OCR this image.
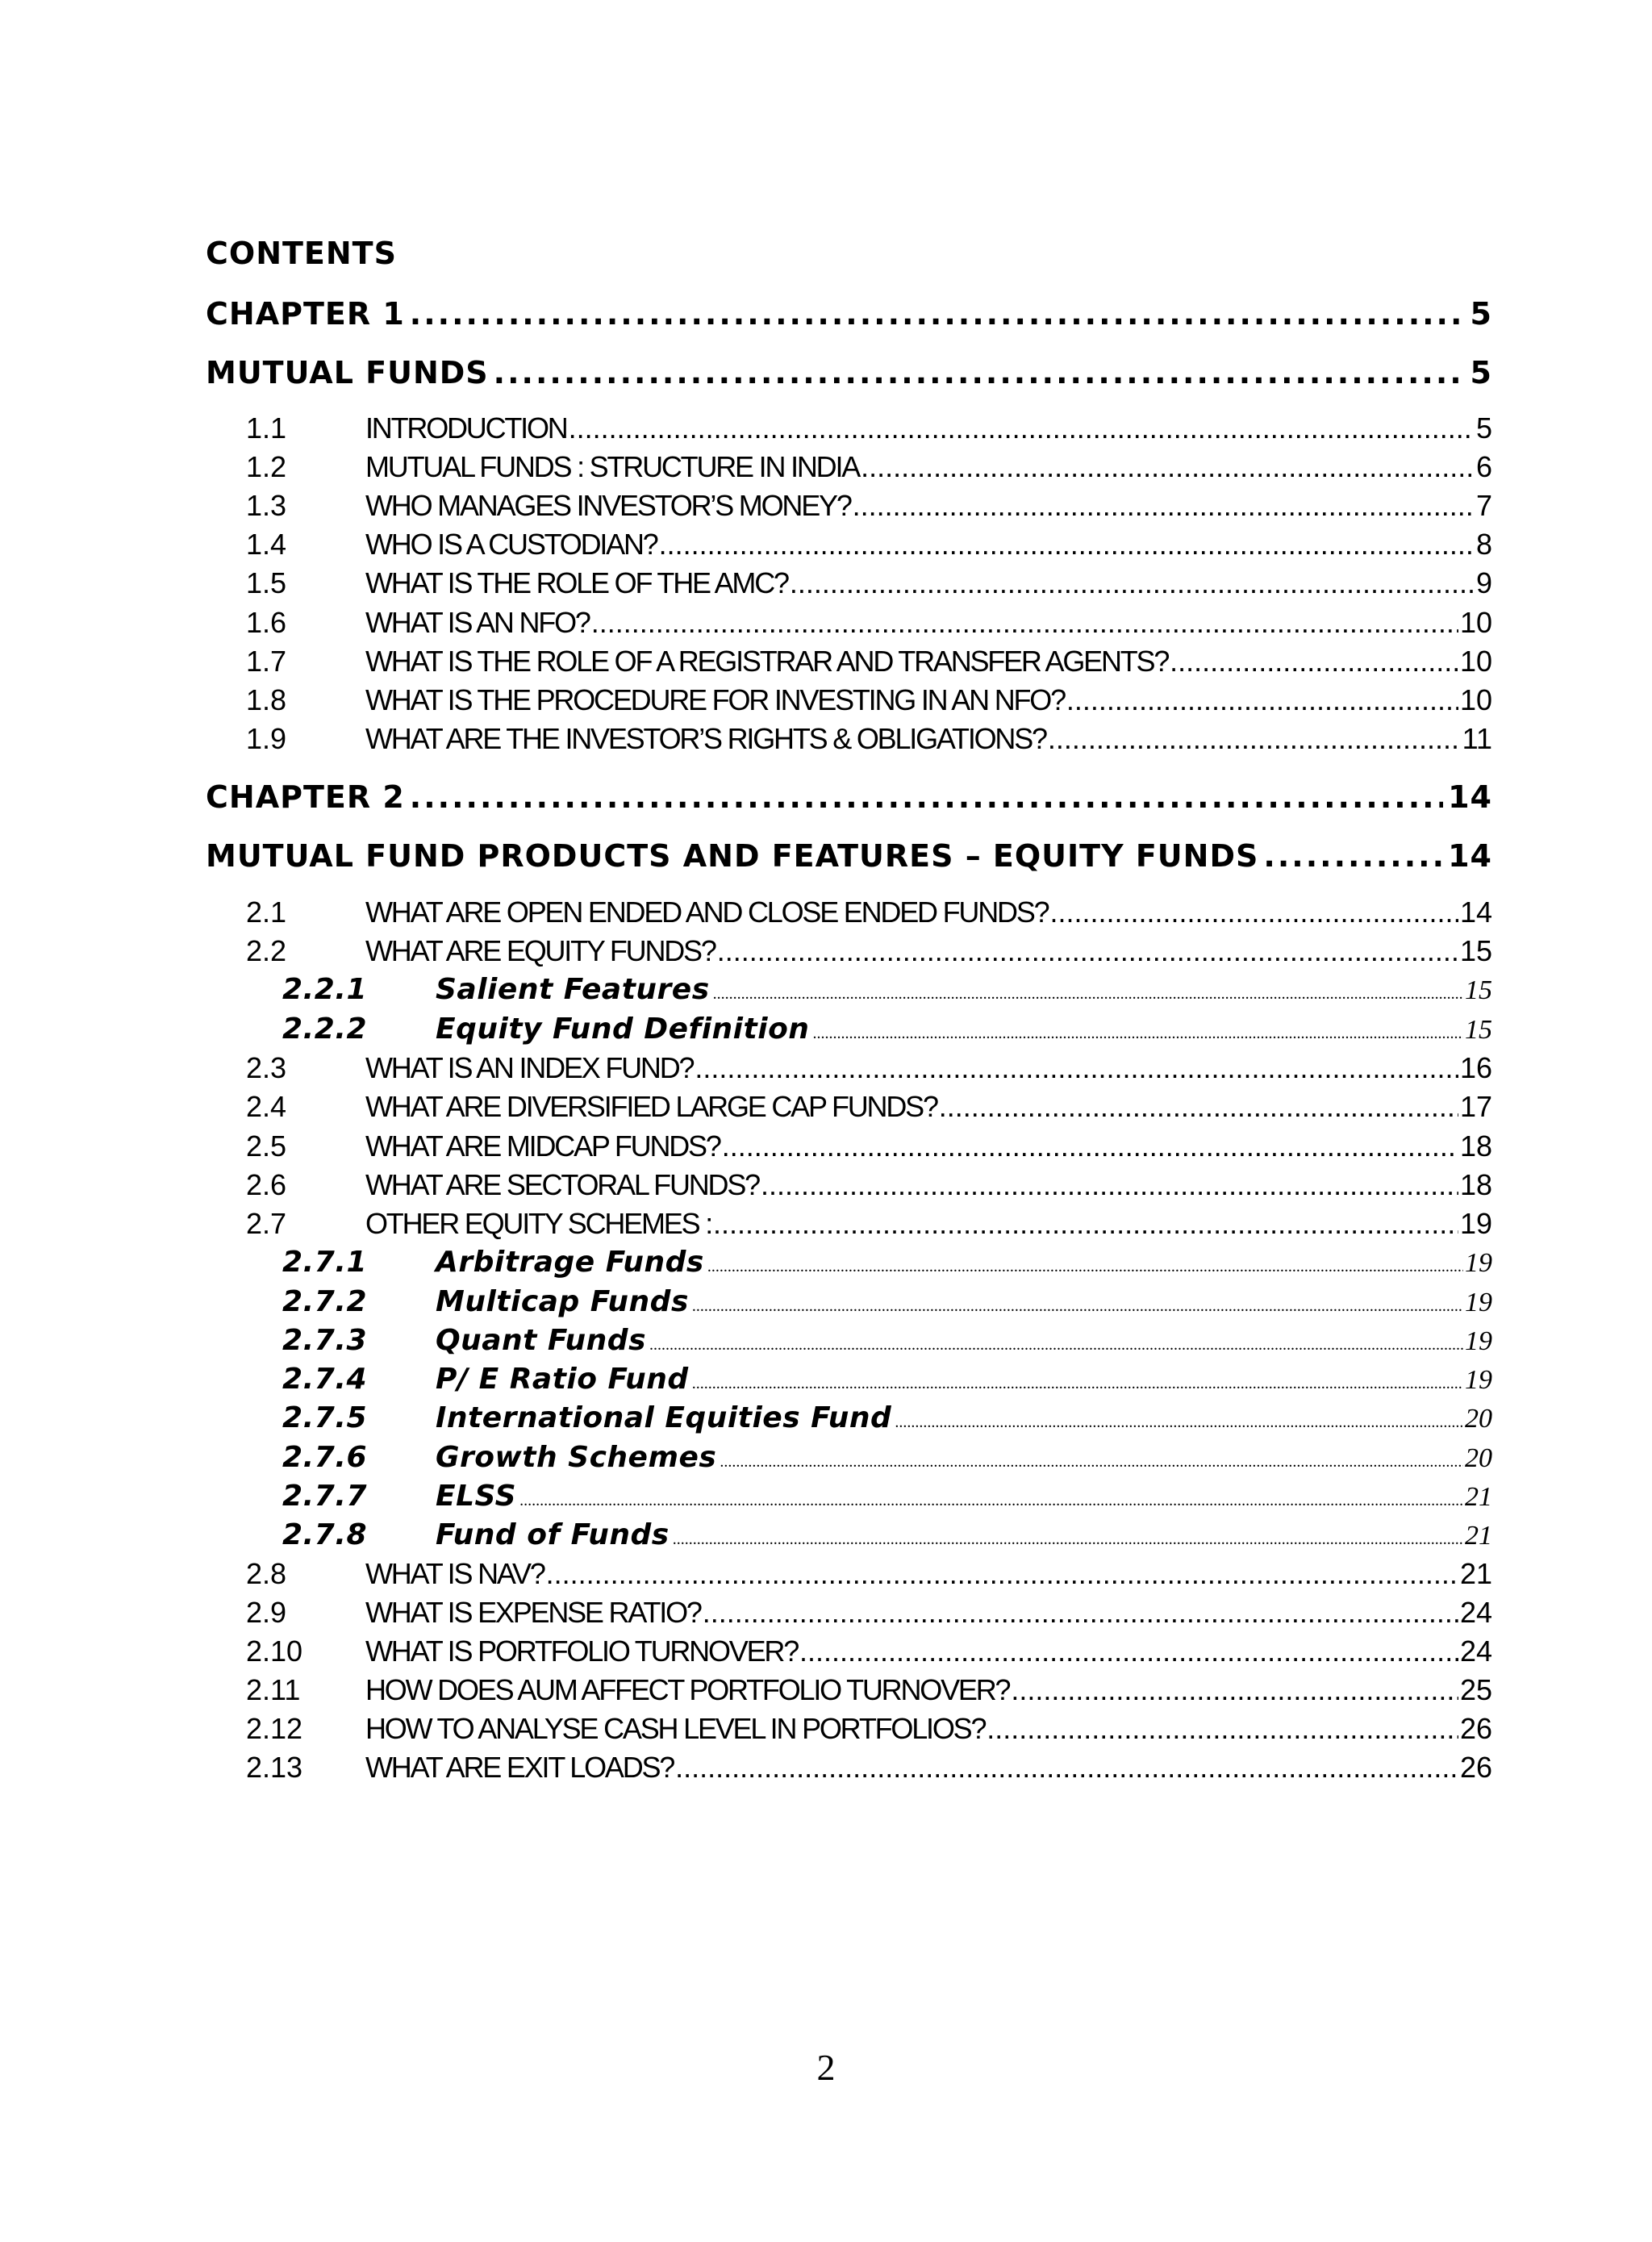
CONTENTS
CHAPTER 1 .....	5
MUTUAL FUNDS .....	5
1.1	INTRODUCTION .....	5
1.2	MUTUAL FUNDS : STRUCTURE IN INDIA .....	6
1.3	WHO MANAGES INVESTOR’S MONEY? .....	7
1.4	WHO IS A CUSTODIAN? .....	8
1.5	WHAT IS THE ROLE OF THE AMC? .....	9
1.6	WHAT IS AN NFO? .....	10
1.7	WHAT IS THE ROLE OF A REGISTRAR AND TRANSFER AGENTS? .....	10
1.8	WHAT IS THE PROCEDURE FOR INVESTING IN AN NFO? .....	10
1.9	WHAT ARE THE INVESTOR’S RIGHTS & OBLIGATIONS? .....	11
CHAPTER 2 .....	14
MUTUAL FUND PRODUCTS AND FEATURES – EQUITY FUNDS .....	14
2.1	WHAT ARE OPEN ENDED AND CLOSE ENDED FUNDS? .....	14
2.2	WHAT ARE EQUITY FUNDS? .....	15
2.2.1	Salient Features .....	15
2.2.2	Equity Fund Definition .....	15
2.3	WHAT IS AN INDEX FUND? .....	16
2.4	WHAT ARE DIVERSIFIED LARGE CAP FUNDS? .....	17
2.5	WHAT ARE MIDCAP FUNDS? .....	18
2.6	WHAT ARE SECTORAL FUNDS? .....	18
2.7	OTHER EQUITY SCHEMES : .....	19
2.7.1	Arbitrage Funds .....	19
2.7.2	Multicap Funds .....	19
2.7.3	Quant Funds .....	19
2.7.4	P/ E Ratio Fund .....	19
2.7.5	International Equities Fund .....	20
2.7.6	Growth Schemes .....	20
2.7.7	ELSS .....	21
2.7.8	Fund of Funds .....	21
2.8	WHAT IS NAV? .....	21
2.9	WHAT IS EXPENSE RATIO? .....	24
2.10	WHAT IS PORTFOLIO TURNOVER? .....	24
2.11	HOW DOES AUM AFFECT PORTFOLIO TURNOVER? .....	25
2.12	HOW TO ANALYSE CASH LEVEL IN PORTFOLIOS? .....	26
2.13	WHAT ARE EXIT LOADS? .....	26
2
